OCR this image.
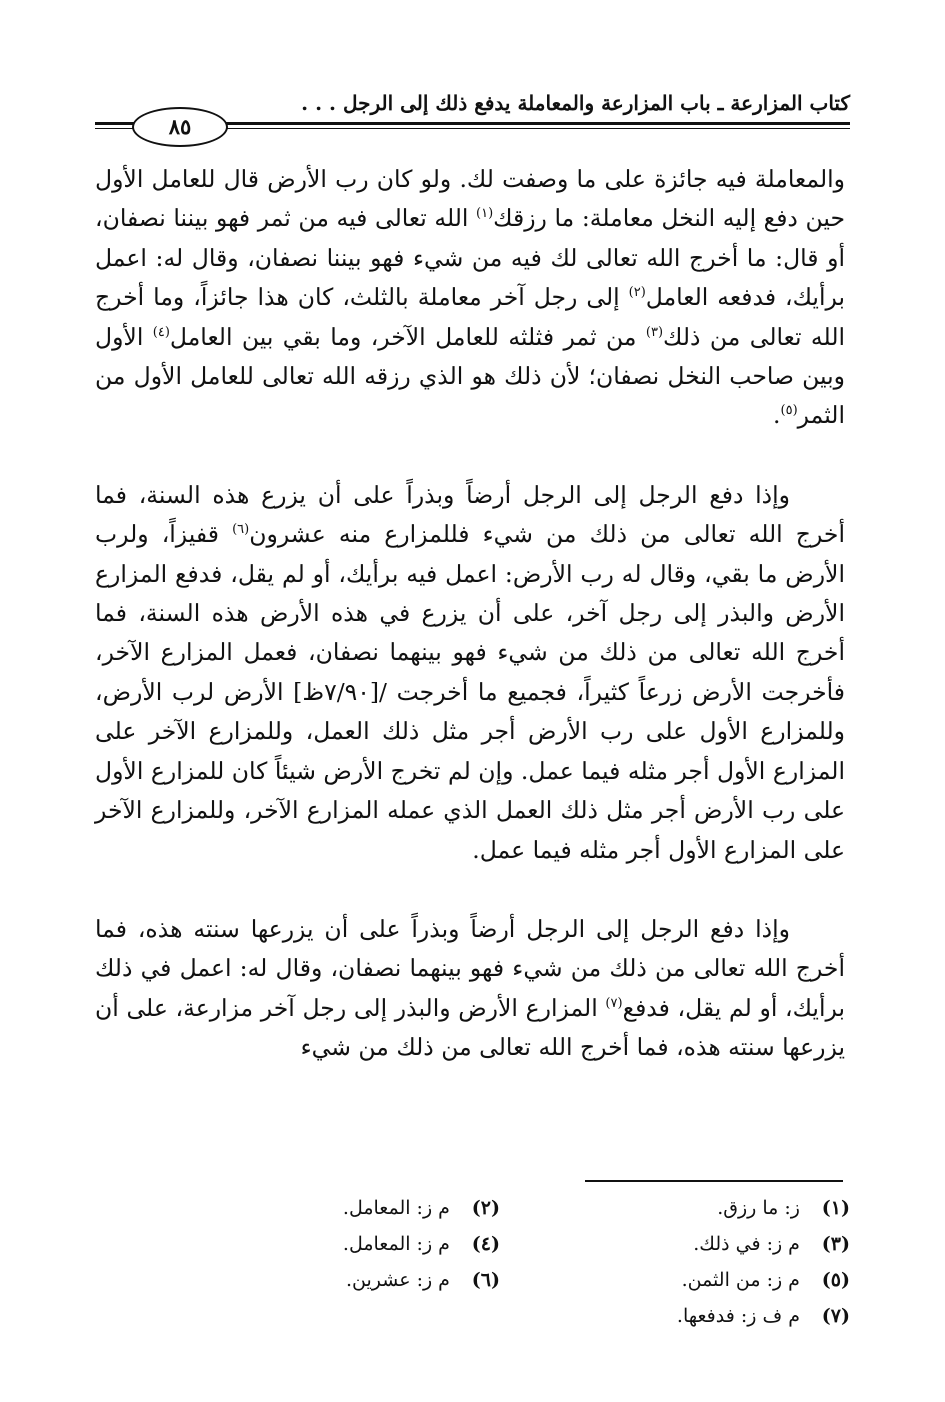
كتاب المزارعة ـ باب المزارعة والمعاملة يدفع ذلك إلى الرجل . . .
٨٥

والمعاملة فيه جائزة على ما وصفت لك. ولو كان رب الأرض قال للعامل الأول حين دفع إليه النخل معاملة: ما رزقك$^{(١)}$ الله تعالى فيه من ثمر فهو بيننا نصفان، أو قال: ما أخرج الله تعالى لك فيه من شيء فهو بيننا نصفان، وقال له: اعمل برأيك، فدفعه العامل$^{(٢)}$ إلى رجل آخر معاملة بالثلث، كان هذا جائزاً، وما أخرج الله تعالى من ذلك$^{(٣)}$ من ثمر فثلثه للعامل الآخر، وما بقي بين العامل$^{(٤)}$ الأول وبين صاحب النخل نصفان؛ لأن ذلك هو الذي رزقه الله تعالى للعامل الأول من الثمر$^{(٥)}$.

وإذا دفع الرجل إلى الرجل أرضاً وبذراً على أن يزرع هذه السنة، فما أخرج الله تعالى من ذلك من شيء فللمزارع منه عشرون$^{(٦)}$ قفيزاً، ولرب الأرض ما بقي، وقال له رب الأرض: اعمل فيه برأيك، أو لم يقل، فدفع المزارع الأرض والبذر إلى رجل آخر، على أن يزرع في هذه الأرض هذه السنة، فما أخرج الله تعالى من ذلك من شيء فهو بينهما نصفان، فعمل المزارع الآخر، فأخرجت الأرض زرعاً كثيراً، فجميع ما أخرجت /[٧/٩٠ظ] الأرض لرب الأرض، وللمزارع الأول على رب الأرض أجر مثل ذلك العمل، وللمزارع الآخر على المزارع الأول أجر مثله فيما عمل. وإن لم تخرج الأرض شيئاً كان للمزارع الأول على رب الأرض أجر مثل ذلك العمل الذي عمله المزارع الآخر، وللمزارع الآخر على المزارع الأول أجر مثله فيما عمل.

وإذا دفع الرجل إلى الرجل أرضاً وبذراً على أن يزرعها سنته هذه، فما أخرج الله تعالى من ذلك من شيء فهو بينهما نصفان، وقال له: اعمل في ذلك برأيك، أو لم يقل، فدفع$^{(٧)}$ المزارع الأرض والبذر إلى رجل آخر مزارعة، على أن يزرعها سنته هذه، فما أخرج الله تعالى من ذلك من شيء

(١) ز: ما رزق.
(٢) م ز: المعامل.
(٣) م ز: في ذلك.
(٤) م ز: المعامل.
(٥) م ز: من الثمن.
(٦) م ز: عشرين.
(٧) م ف ز: فدفعها.
